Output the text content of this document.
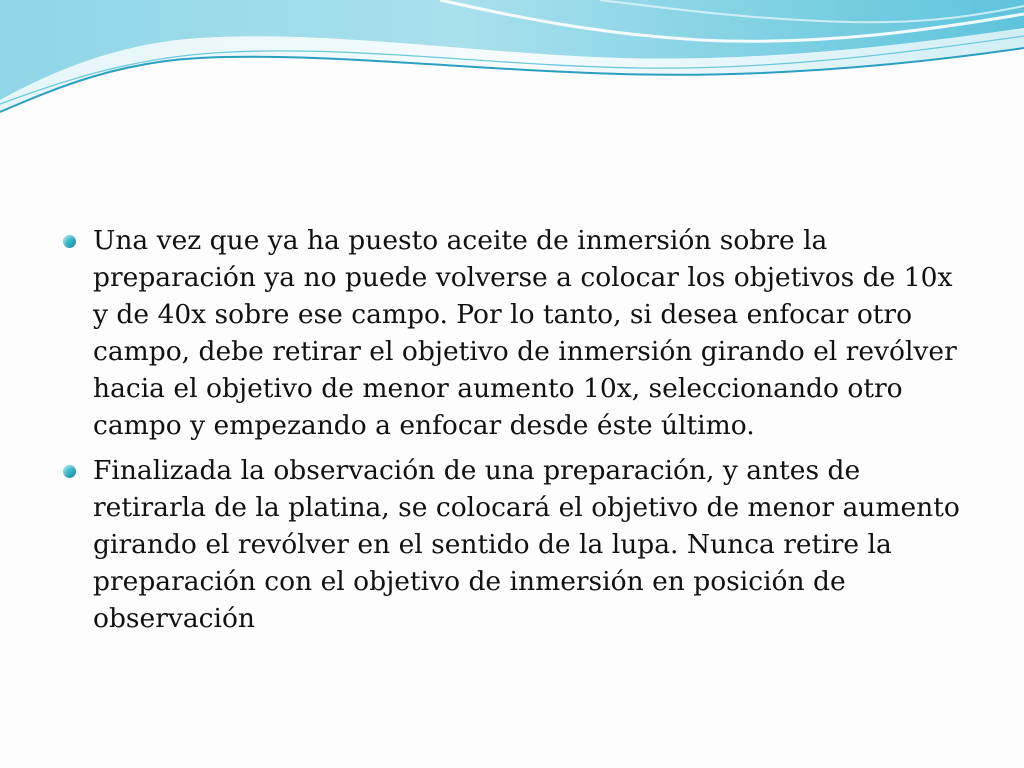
Una vez que ya ha puesto aceite de inmersión sobre la preparación ya no puede volverse a colocar los objetivos de 10x y de 40x sobre ese campo. Por lo tanto, si desea enfocar otro campo, debe retirar el objetivo de inmersión girando el revólver hacia el objetivo de menor aumento 10x, seleccionando otro campo y empezando a enfocar desde éste último.
Finalizada la observación de una preparación, y antes de retirarla de la platina, se colocará el objetivo de menor aumento girando el revólver en el sentido de la lupa. Nunca retire la preparación con el objetivo de inmersión en posición de observación
